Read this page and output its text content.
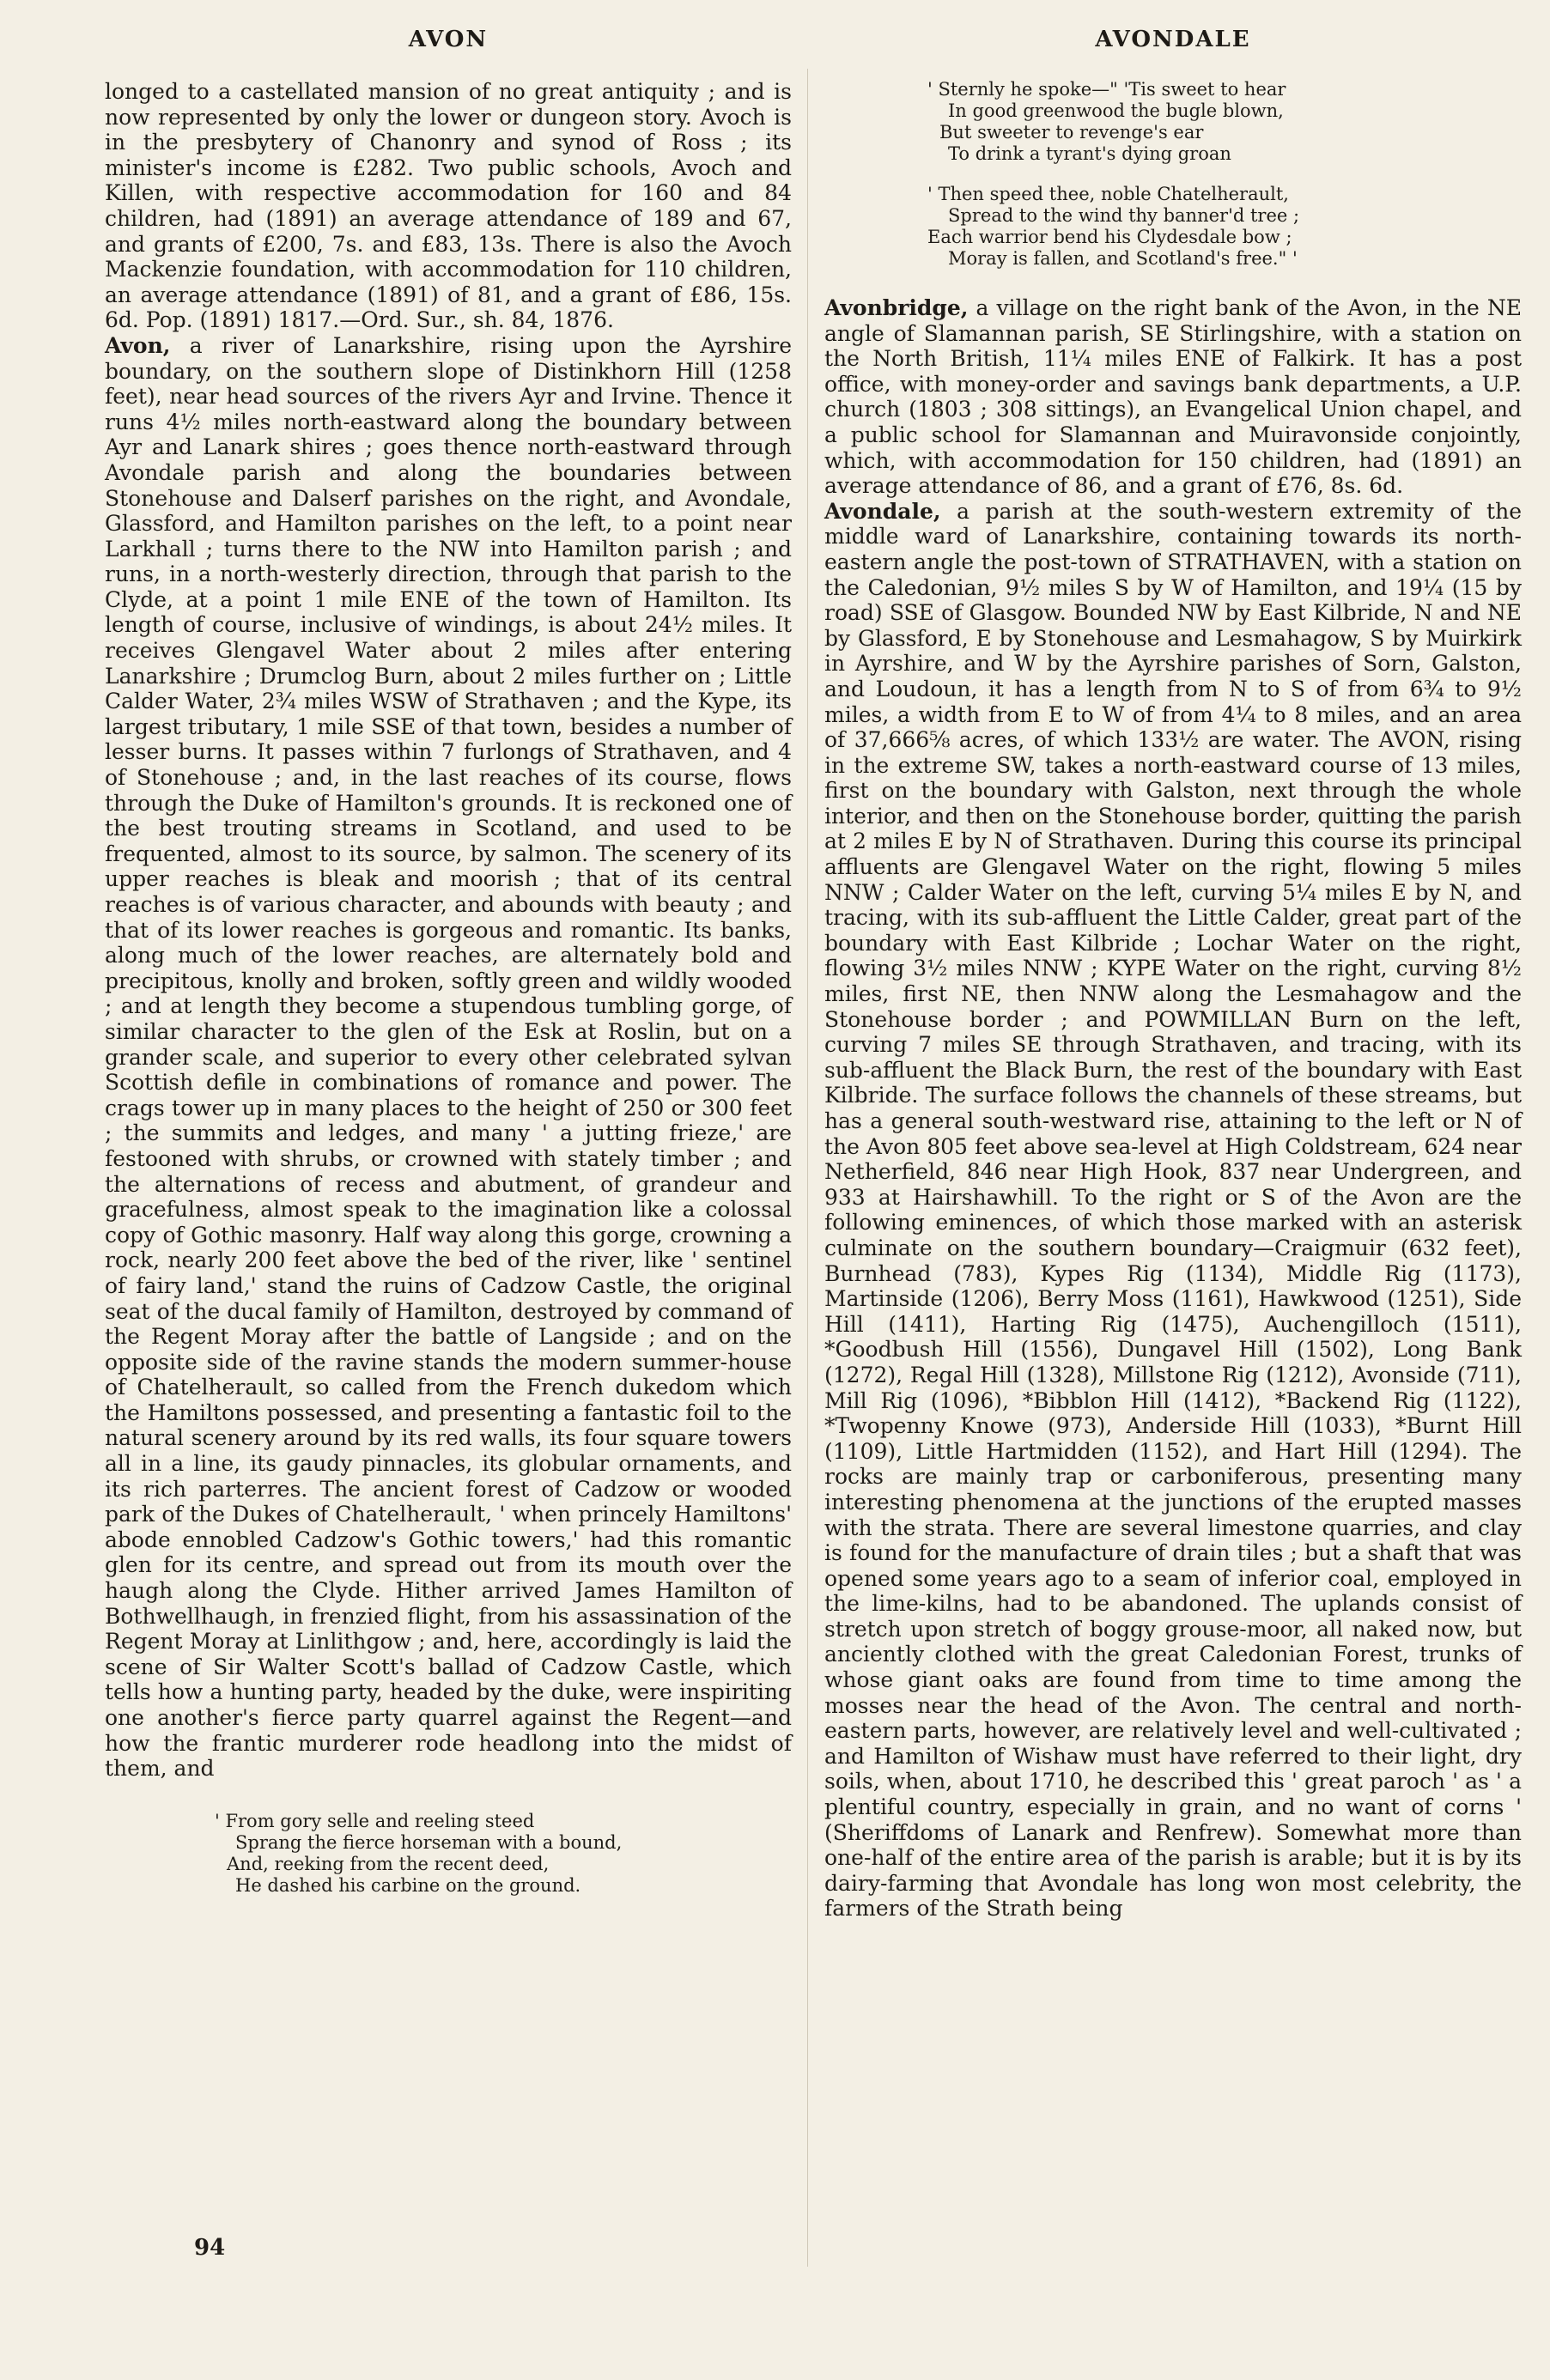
AVON

longed to a castellated mansion of no great antiquity ; and is now represented by only the lower or dungeon story. Avoch is in the presbytery of Chanonry and synod of Ross ; its minister's income is £282. Two public schools, Avoch and Killen, with respective accommodation for 160 and 84 children, had (1891) an average attendance of 189 and 67, and grants of £200, 7s. and £83, 13s. There is also the Avoch Mackenzie foundation, with accommodation for 110 children, an average attendance (1891) of 81, and a grant of £86, 15s. 6d. Pop. (1891) 1817.—Ord. Sur., sh. 84, 1876.

Avon, a river of Lanarkshire, rising upon the Ayrshire boundary, on the southern slope of Distinkhorn Hill (1258 feet), near head sources of the rivers Ayr and Irvine. Thence it runs 4½ miles north-eastward along the boundary between Ayr and Lanark shires ; goes thence north-eastward through Avondale parish and along the boundaries between Stonehouse and Dalserf parishes on the right, and Avondale, Glassford, and Hamilton parishes on the left, to a point near Larkhall ; turns there to the NW into Hamilton parish ; and runs, in a north-westerly direction, through that parish to the Clyde, at a point 1 mile ENE of the town of Hamilton. Its length of course, inclusive of windings, is about 24½ miles. It receives Glengavel Water about 2 miles after entering Lanarkshire ; Drumclog Burn, about 2 miles further on ; Little Calder Water, 2¾ miles WSW of Strathaven ; and the Kype, its largest tributary, 1 mile SSE of that town, besides a number of lesser burns. It passes within 7 furlongs of Strathaven, and 4 of Stonehouse ; and, in the last reaches of its course, flows through the Duke of Hamilton's grounds. It is reckoned one of the best trouting streams in Scotland, and used to be frequented, almost to its source, by salmon. The scenery of its upper reaches is bleak and moorish ; that of its central reaches is of various character, and abounds with beauty ; and that of its lower reaches is gorgeous and romantic. Its banks, along much of the lower reaches, are alternately bold and precipitous, knolly and broken, softly green and wildly wooded ; and at length they become a stupendous tumbling gorge, of similar character to the glen of the Esk at Roslin, but on a grander scale, and superior to every other celebrated sylvan Scottish defile in combinations of romance and power. The crags tower up in many places to the height of 250 or 300 feet ; the summits and ledges, and many ' a jutting frieze,' are festooned with shrubs, or crowned with stately timber ; and the alternations of recess and abutment, of grandeur and gracefulness, almost speak to the imagination like a colossal copy of Gothic masonry. Half way along this gorge, crowning a rock, nearly 200 feet above the bed of the river, like ' sentinel of fairy land,' stand the ruins of Cadzow Castle, the original seat of the ducal family of Hamilton, destroyed by command of the Regent Moray after the battle of Langside ; and on the opposite side of the ravine stands the modern summer-house of Chatelherault, so called from the French dukedom which the Hamiltons possessed, and presenting a fantastic foil to the natural scenery around by its red walls, its four square towers all in a line, its gaudy pinnacles, its globular ornaments, and its rich parterres. The ancient forest of Cadzow or wooded park of the Dukes of Chatelherault, ' when princely Hamiltons' abode ennobled Cadzow's Gothic towers,' had this romantic glen for its centre, and spread out from its mouth over the haugh along the Clyde. Hither arrived James Hamilton of Bothwellhaugh, in frenzied flight, from his assassination of the Regent Moray at Linlithgow ; and, here, accordingly is laid the scene of Sir Walter Scott's ballad of Cadzow Castle, which tells how a hunting party, headed by the duke, were inspiriting one another's fierce party quarrel against the Regent—and how the frantic murderer rode headlong into the midst of them, and

' From gory selle and reeling steed
Sprang the fierce horseman with a bound,
And, reeking from the recent deed,
He dashed his carbine on the ground.
AVONDALE
' Sternly he spoke—" 'Tis sweet to hear
In good greenwood the bugle blown,
But sweeter to revenge's ear
To drink a tyrant's dying groan
' Then speed thee, noble Chatelherault,
Spread to the wind thy banner'd tree ;
Each warrior bend his Clydesdale bow ;
Moray is fallen, and Scotland's free." '

Avonbridge, a village on the right bank of the Avon, in the NE angle of Slamannan parish, SE Stirlingshire, with a station on the North British, 11¼ miles ENE of Falkirk. It has a post office, with money-order and savings bank departments, a U.P. church (1803 ; 308 sittings), an Evangelical Union chapel, and a public school for Slamannan and Muiravonside conjointly, which, with accommodation for 150 children, had (1891) an average attendance of 86, and a grant of £76, 8s. 6d.

Avondale, a parish at the south-western extremity of the middle ward of Lanarkshire, containing towards its north-eastern angle the post-town of STRATHAVEN, with a station on the Caledonian, 9½ miles S by W of Hamilton, and 19¼ (15 by road) SSE of Glasgow. Bounded NW by East Kilbride, N and NE by Glassford, E by Stonehouse and Lesmahagow, S by Muirkirk in Ayrshire, and W by the Ayrshire parishes of Sorn, Galston, and Loudoun, it has a length from N to S of from 6¾ to 9½ miles, a width from E to W of from 4¼ to 8 miles, and an area of 37,666⅝ acres, of which 133½ are water. The AVON, rising in the extreme SW, takes a north-eastward course of 13 miles, first on the boundary with Galston, next through the whole interior, and then on the Stonehouse border, quitting the parish at 2 miles E by N of Strathaven. During this course its principal affluents are Glengavel Water on the right, flowing 5 miles NNW ; Calder Water on the left, curving 5¼ miles E by N, and tracing, with its sub-affluent the Little Calder, great part of the boundary with East Kilbride ; Lochar Water on the right, flowing 3½ miles NNW ; KYPE Water on the right, curving 8½ miles, first NE, then NNW along the Lesmahagow and the Stonehouse border ; and POWMILLAN Burn on the left, curving 7 miles SE through Strathaven, and tracing, with its sub-affluent the Black Burn, the rest of the boundary with East Kilbride. The surface follows the channels of these streams, but has a general south-westward rise, attaining to the left or N of the Avon 805 feet above sea-level at High Coldstream, 624 near Netherfield, 846 near High Hook, 837 near Undergreen, and 933 at Hairshawhill. To the right or S of the Avon are the following eminences, of which those marked with an asterisk culminate on the southern boundary—Craigmuir (632 feet), Burnhead (783), Kypes Rig (1134), Middle Rig (1173), Martinside (1206), Berry Moss (1161), Hawkwood (1251), Side Hill (1411), Harting Rig (1475), Auchengilloch (1511), *Goodbush Hill (1556), Dungavel Hill (1502), Long Bank (1272), Regal Hill (1328), Millstone Rig (1212), Avonside (711), Mill Rig (1096), *Bibblon Hill (1412), *Backend Rig (1122), *Twopenny Knowe (973), Anderside Hill (1033), *Burnt Hill (1109), Little Hartmidden (1152), and Hart Hill (1294). The rocks are mainly trap or carboniferous, presenting many interesting phenomena at the junctions of the erupted masses with the strata. There are several limestone quarries, and clay is found for the manufacture of drain tiles ; but a shaft that was opened some years ago to a seam of inferior coal, employed in the lime-kilns, had to be abandoned. The uplands consist of stretch upon stretch of boggy grouse-moor, all naked now, but anciently clothed with the great Caledonian Forest, trunks of whose giant oaks are found from time to time among the mosses near the head of the Avon. The central and north-eastern parts, however, are relatively level and well-cultivated ; and Hamilton of Wishaw must have referred to their light, dry soils, when, about 1710, he described this ' great paroch ' as ' a plentiful country, especially in grain, and no want of corns ' (Sheriffdoms of Lanark and Renfrew). Somewhat more than one-half of the entire area of the parish is arable; but it is by its dairy-farming that Avondale has long won most celebrity, the farmers of the Strath being

94
